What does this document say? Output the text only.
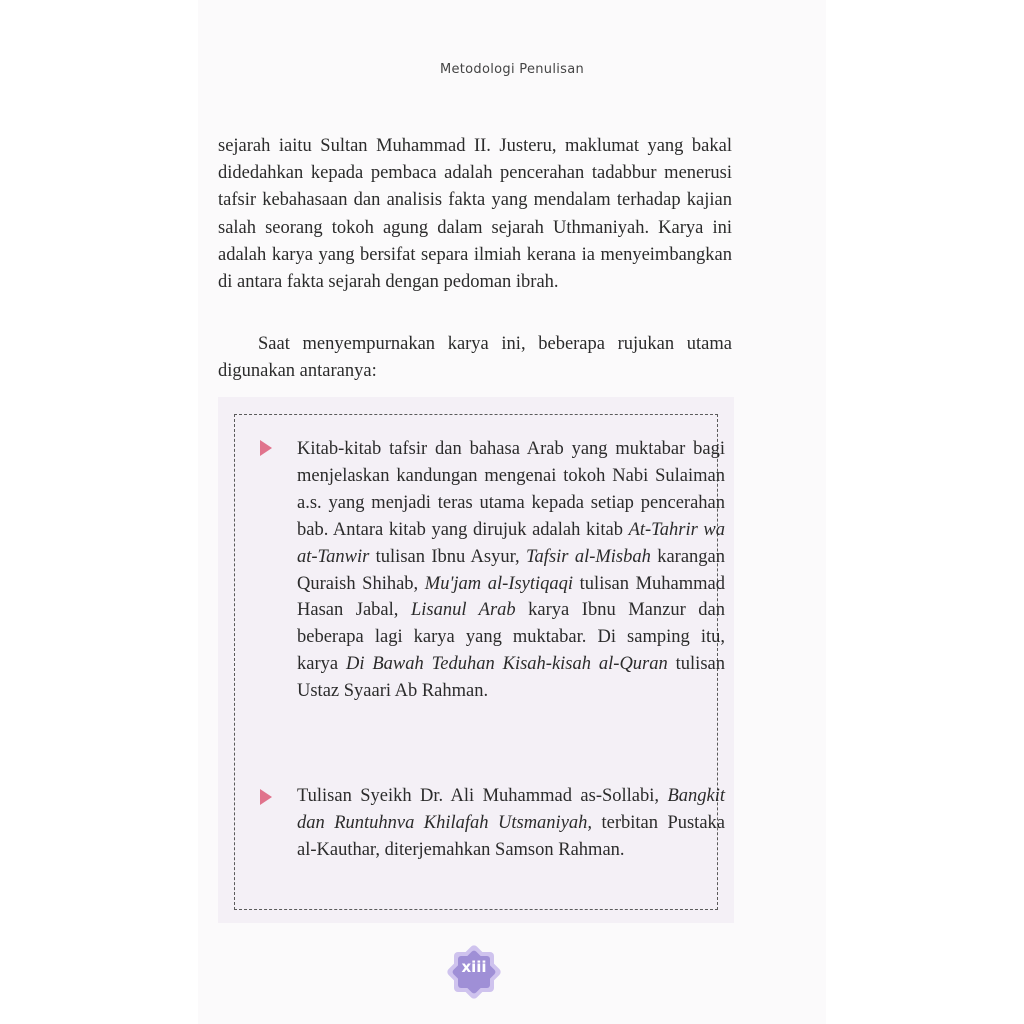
Metodologi Penulisan

sejarah iaitu Sultan Muhammad II. Justeru, maklumat yang bakal didedahkan kepada pembaca adalah pencerahan tadabbur menerusi tafsir kebahasaan dan analisis fakta yang mendalam terhadap kajian salah seorang tokoh agung dalam sejarah Uthmaniyah. Karya ini adalah karya yang bersifat separa ilmiah kerana ia menyeimbangkan di antara fakta sejarah dengan pedoman ibrah.

Saat menyempurnakan karya ini, beberapa rujukan utama digunakan antaranya:

Kitab-kitab tafsir dan bahasa Arab yang muktabar bagi menjelaskan kandungan mengenai tokoh Nabi Sulaiman a.s. yang menjadi teras utama kepada setiap pencerahan bab. Antara kitab yang dirujuk adalah kitab At-Tahrir wa at-Tanwir tulisan Ibnu Asyur, Tafsir al-Misbah karangan Quraish Shihab, Mu'jam al-Isytiqaqi tulisan Muhammad Hasan Jabal, Lisanul Arab karya Ibnu Manzur dan beberapa lagi karya yang muktabar. Di samping itu, karya Di Bawah Teduhan Kisah-kisah al-Quran tulisan Ustaz Syaari Ab Rahman.

Tulisan Syeikh Dr. Ali Muhammad as-Sollabi, Bangkit dan Runtuhnva Khilafah Utsmaniyah, terbitan Pustaka al-Kauthar, diterjemahkan Samson Rahman.

xiii
